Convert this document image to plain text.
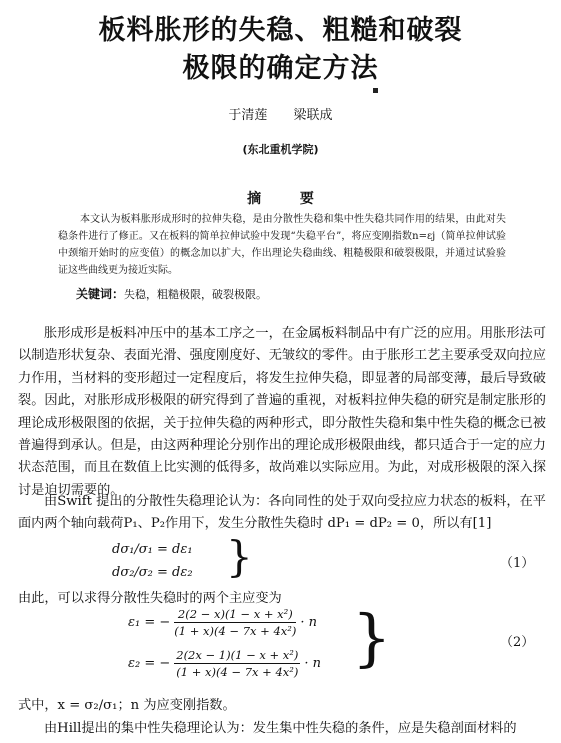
板料胀形的失稳、粗糙和破裂
极限的确定方法
于清莲 梁联成
(东北重机学院)
摘 要
本文认为板料胀形成形时的拉伸失稳，是由分散性失稳和集中性失稳共同作用的结果，由此对失稳条件进行了修正。又在板料的简单拉伸试验中发现“失稳平台”，将应变刚指数n=εj（简单拉伸试验中颈缩开始时的应变值）的概念加以扩大，作出理论失稳曲线、粗糙极限和破裂极限，并通过试验验证这些曲线更为接近实际。
关键词：失稳，粗糙极限，破裂极限。
胀形成形是板料冲压中的基本工序之一，在金属板料制品中有广泛的应用。用胀形法可以制造形状复杂、表面光滑、强度刚度好、无皱纹的零件。由于胀形工艺主要承受双向拉应力作用，当材料的变形超过一定程度后，将发生拉伸失稳，即显著的局部变薄，最后导致破裂。因此，对胀形成形极限的研究得到了普遍的重视，对板料拉伸失稳的研究是制定胀形的理论成形极限图的依据，关于拉伸失稳的两种形式，即分散性失稳和集中性失稳的概念已被普遍得到承认。但是，由这两种理论分别作出的理论成形极限曲线，都只适合于一定的应力状态范围，而且在数值上比实测的低得多，故尚难以实际应用。为此，对成形极限的深入探讨是迫切需要的。
由Swift 提出的分散性失稳理论认为：各向同性的处于双向受拉应力状态的板料，在平面内两个轴向载荷P₁、P₂作用下，发生分散性失稳时 dP₁ = dP₂ = 0，所以有[1]
dσ₁/σ₁ = dε₁
dσ₂/σ₂ = dε₂ }	（1）
由此，可以求得分散性失稳时的两个主应变为
ε₁ = − $\frac{\text{2(2 − x)(1 − x + x²)}}{\text{(1 + x)(4 − 7x + 4x²)}} \cdot n$
ε₂ = − $\frac{\text{2(2x − 1)(1 − x + x²)}}{\text{(1 + x)(4 − 7x + 4x²)}} \cdot n$ }	（2）
式中，x = σ₂/σ₁；n 为应变刚指数。
由Hill提出的集中性失稳理论认为：发生集中性失稳的条件，应是失稳剖面材料的
